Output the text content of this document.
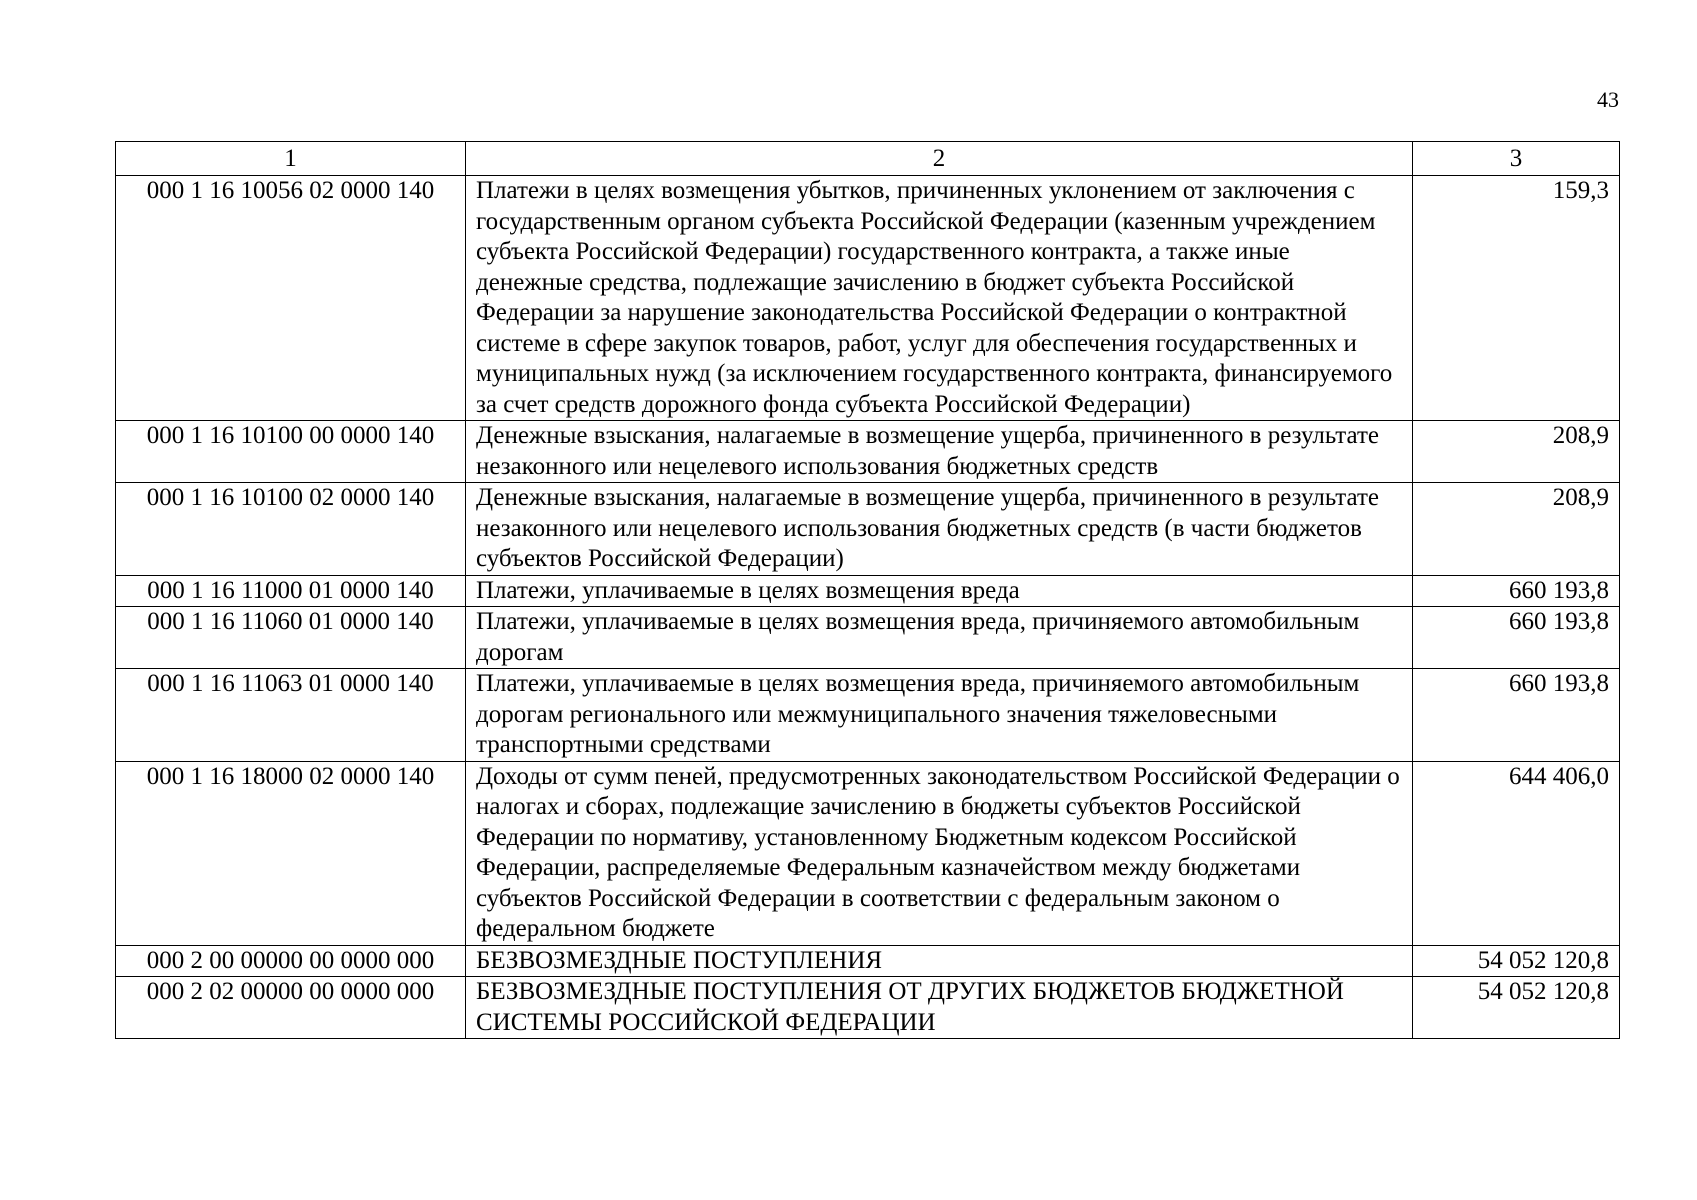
43
1	2	3
000 1 16 10056 02 0000 140	Платежи в целях возмещения убытков, причиненных уклонением от заключения с государственным органом субъекта Российской Федерации (казенным учреждением субъекта Российской Федерации) государственного контракта, а также иные денежные средства, подлежащие зачислению в бюджет субъекта Российской Федерации за нарушение законодательства Российской Федерации о контрактной системе в сфере закупок товаров, работ, услуг для обеспечения государственных и муниципальных нужд (за исключением государственного контракта, финансируемого за счет средств дорожного фонда субъекта Российской Федерации)	159,3
000 1 16 10100 00 0000 140	Денежные взыскания, налагаемые в возмещение ущерба, причиненного в результате незаконного или нецелевого использования бюджетных средств	208,9
000 1 16 10100 02 0000 140	Денежные взыскания, налагаемые в возмещение ущерба, причиненного в результате незаконного или нецелевого использования бюджетных средств (в части бюджетов субъектов Российской Федерации)	208,9
000 1 16 11000 01 0000 140	Платежи, уплачиваемые в целях возмещения вреда	660 193,8
000 1 16 11060 01 0000 140	Платежи, уплачиваемые в целях возмещения вреда, причиняемого автомобильным дорогам	660 193,8
000 1 16 11063 01 0000 140	Платежи, уплачиваемые в целях возмещения вреда, причиняемого автомобильным дорогам регионального или межмуниципального значения тяжеловесными транспортными средствами	660 193,8
000 1 16 18000 02 0000 140	Доходы от сумм пеней, предусмотренных законодательством Российской Федерации о налогах и сборах, подлежащие зачислению в бюджеты субъектов Российской Федерации по нормативу, установленному Бюджетным кодексом Российской Федерации, распределяемые Федеральным казначейством между бюджетами субъектов Российской Федерации в соответствии с федеральным законом о федеральном бюджете	644 406,0
000 2 00 00000 00 0000 000	БЕЗВОЗМЕЗДНЫЕ ПОСТУПЛЕНИЯ	54 052 120,8
000 2 02 00000 00 0000 000	БЕЗВОЗМЕЗДНЫЕ ПОСТУПЛЕНИЯ ОТ ДРУГИХ БЮДЖЕТОВ БЮДЖЕТНОЙ СИСТЕМЫ РОССИЙСКОЙ ФЕДЕРАЦИИ	54 052 120,8
